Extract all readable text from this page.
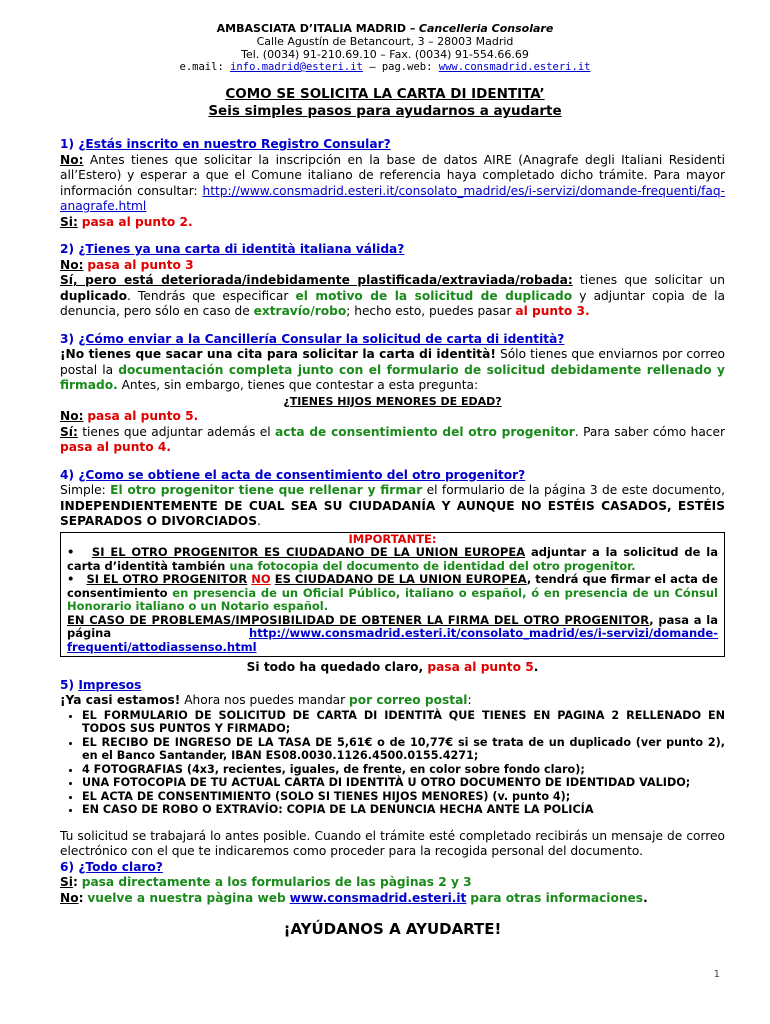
AMBASCIATA D’ITALIA MADRID – Cancelleria Consolare
Calle Agustín de Betancourt, 3 – 28003 Madrid
Tel. (0034) 91-210.69.10 – Fax. (0034) 91-554.66.69
e.mail: info.madrid@esteri.it – pag.web: www.consmadrid.esteri.it
COMO SE SOLICITA LA CARTA DI IDENTITA’
Seis simples pasos para ayudarnos a ayudarte
1) ¿Estás inscrito en nuestro Registro Consular?
No: Antes tienes que solicitar la inscripción en la base de datos AIRE (Anagrafe degli Italiani Residenti all’Estero) y esperar a que el Comune italiano de referencia haya completado dicho trámite. Para mayor información consultar: http://www.consmadrid.esteri.it/consolato_madrid/es/i-servizi/domande-frequenti/faq-anagrafe.html
Si: pasa al punto 2.
2) ¿Tienes ya una carta di identità italiana válida?
No: pasa al punto 3
Sí, pero está deteriorada/indebidamente plastificada/extraviada/robada: tienes que solicitar un duplicado. Tendrás que especificar el motivo de la solicitud de duplicado y adjuntar copia de la denuncia, pero sólo en caso de extravío/robo; hecho esto, puedes pasar al punto 3.
3) ¿Cómo enviar a la Cancillería Consular la solicitud de carta di identità?
¡No tienes que sacar una cita para solicitar la carta di identità! Sólo tienes que enviarnos por correo postal la documentación completa junto con el formulario de solicitud debidamente rellenado y firmado. Antes, sin embargo, tienes que contestar a esta pregunta:
¿TIENES HIJOS MENORES DE EDAD?
No: pasa al punto 5.
Sí: tienes que adjuntar además el acta de consentimiento del otro progenitor. Para saber cómo hacer pasa al punto 4.
4) ¿Como se obtiene el acta de consentimiento del otro progenitor?
Simple: El otro progenitor tiene que rellenar y firmar el formulario de la página 3 de este documento, INDEPENDIENTEMENTE DE CUAL SEA SU CIUDADANÍA Y AUNQUE NO ESTÉIS CASADOS, ESTÉIS SEPARADOS O DIVORCIADOS.
IMPORTANTE:
•   SI EL OTRO PROGENITOR ES CIUDADANO DE LA UNION EUROPEA adjuntar a la solicitud de la carta d’identità también una fotocopia del documento de identidad del otro progenitor.
•   SI EL OTRO PROGENITOR NO ES CIUDADANO DE LA UNION EUROPEA, tendrá que firmar el acta de consentimiento en presencia de un Oficial Público, italiano o español, ó en presencia de un Cónsul Honorario italiano o un Notario español.
EN CASO DE PROBLEMAS/IMPOSIBILIDAD DE OBTENER LA FIRMA DEL OTRO PROGENITOR, pasa a la página	http://www.consmadrid.esteri.it/consolato_madrid/es/i-servizi/domande-frequenti/attodiassenso.html
Si todo ha quedado claro, pasa al punto 5.
5) Impresos
¡Ya casi estamos! Ahora nos puedes mandar por correo postal:
• EL FORMULARIO DE SOLICITUD DE CARTA DI IDENTITÀ QUE TIENES EN PAGINA 2 RELLENADO EN TODOS SUS PUNTOS Y FIRMADO;
• EL RECIBO DE INGRESO DE LA TASA DE 5,61€ o de 10,77€ si se trata de un duplicado (ver punto 2), en el Banco Santander, IBAN ES08.0030.1126.4500.0155.4271;
• 4 FOTOGRAFIAS (4x3, recientes, iguales, de frente, en color sobre fondo claro);
• UNA FOTOCOPIA DE TU ACTUAL CARTA DI IDENTITÀ U OTRO DOCUMENTO DE IDENTIDAD VALIDO;
• EL ACTA DE CONSENTIMIENTO (SOLO SI TIENES HIJOS MENORES) (v. punto 4);
• EN CASO DE ROBO O EXTRAVÍO: COPIA DE LA DENUNCIA HECHA ANTE LA POLICÍA
Tu solicitud se trabajará lo antes posible. Cuando el trámite esté completado recibirás un mensaje de correo electrónico con el que te indicaremos como proceder para la recogida personal del documento.
6) ¿Todo claro?
Si: pasa directamente a los formularios de las pàginas 2 y 3
No: vuelve a nuestra pàgina web www.consmadrid.esteri.it para otras informaciones.
¡AYÚDANOS A AYUDARTE!
1
